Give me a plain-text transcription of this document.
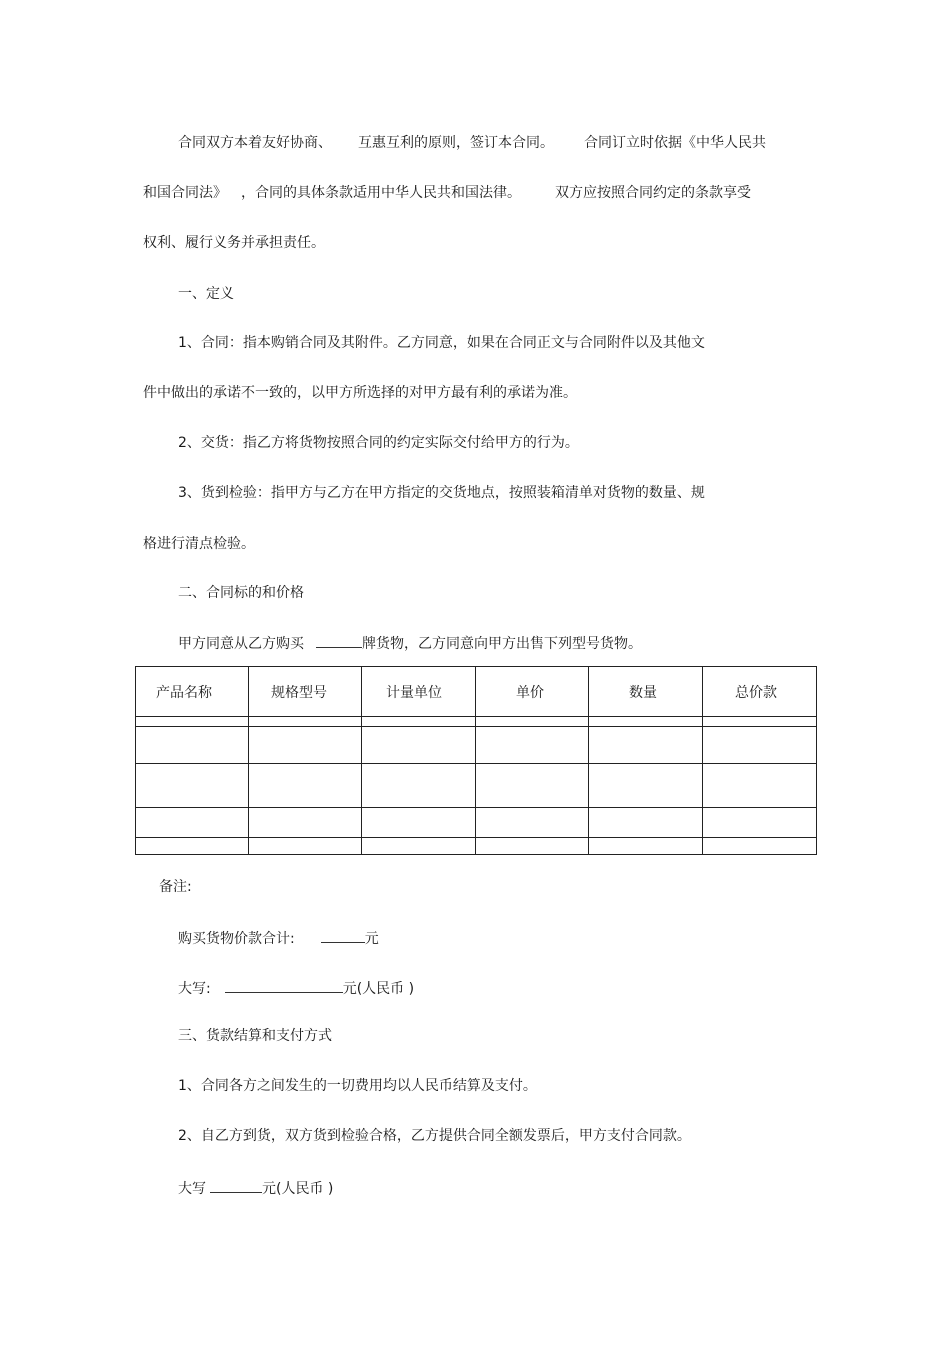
合同双方本着友好协商、 互惠互利的原则，签订本合同。 合同订立时依据《中华人民共
和国合同法》 ，合同的具体条款适用中华人民共和国法律。 双方应按照合同约定的条款享受
权利、履行义务并承担责任。
一、定义
1、合同：指本购销合同及其附件。乙方同意，如果在合同正文与合同附件以及其他文
件中做出的承诺不一致的，以甲方所选择的对甲方最有利的承诺为准。
2、交货：指乙方将货物按照合同的约定实际交付给甲方的行为。
3、货到检验：指甲方与乙方在甲方指定的交货地点，按照装箱清单对货物的数量、规
格进行清点检验。
二、合同标的和价格
甲方同意从乙方购买	牌货物，乙方同意向甲方出售下列型号货物。
产品名称	规格型号	计量单位	单价	数量	总价款

备注:
购买货物价款合计:	元
大写:	元(人民币 )
三、货款结算和支付方式
1、合同各方之间发生的一切费用均以人民币结算及支付。
2、自乙方到货，双方货到检验合格，乙方提供合同全额发票后，甲方支付合同款。
大写	元(人民币 )
